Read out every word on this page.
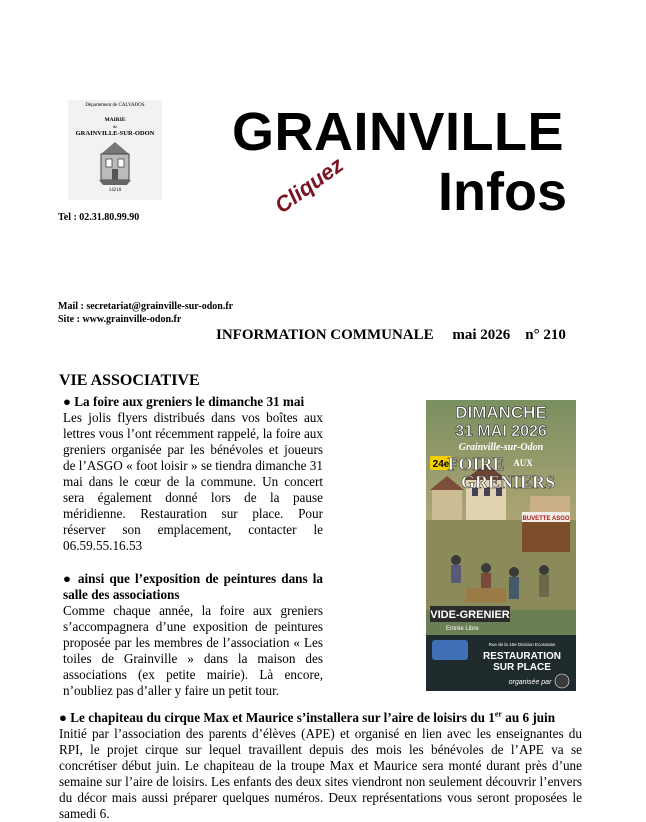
Département de CALVADOS
MAIRIE
de
GRAINVILLE-SUR-ODON
14210
Tel : 02.31.80.99.90
Mail : secretariat@grainville-sur-odon.fr
Site : www.grainville-odon.fr
GRAINVILLE
Infos
Cliquez
INFORMATION COMMUNALE     mai 2026    n° 210
VIE ASSOCIATIVE
● La foire aux greniers le dimanche 31 mai
Les jolis flyers distribués dans vos boîtes aux lettres vous l’ont récemment rappelé, la foire aux greniers organisée par les bénévoles et joueurs de l’ASGO « foot loisir » se tiendra dimanche 31 mai dans le cœur de la commune. Un concert sera également donné lors de la pause méridienne. Restauration sur place. Pour réserver son emplacement, contacter le 06.59.55.16.53
● ainsi que l’exposition de peintures dans la salle des associations
Comme chaque année, la foire aux greniers s’accompagnera d’une exposition de peintures proposée par les membres de l’association « Les toiles de Grainville » dans la maison des associations (ex petite mairie). Là encore, n’oubliez pas d’aller y faire un petit tour.
DIMANCHE
31 MAI 2026
Grainville-sur-Odon
24e
FOIRE AUX
GRENIERS
BUVETTE ASGO
VIDE-GRENIER
Entrée Libre
Rue de la 15e Division Ecossaise
RESTAURATION
SUR PLACE
organisée par
● Le chapiteau du cirque Max et Maurice s’installera sur l’aire de loisirs du 1er au 6 juin
Initié par l’association des parents d’élèves (APE) et organisé en lien avec les enseignantes du RPI, le projet cirque sur lequel travaillent depuis des mois les bénévoles de l’APE va se concrétiser début juin. Le chapiteau de la troupe Max et Maurice sera monté durant près d’une semaine sur l’aire de loisirs. Les enfants des deux sites viendront non seulement découvrir l’envers du décor mais aussi préparer quelques numéros. Deux représentations vous seront proposées le samedi 6.
